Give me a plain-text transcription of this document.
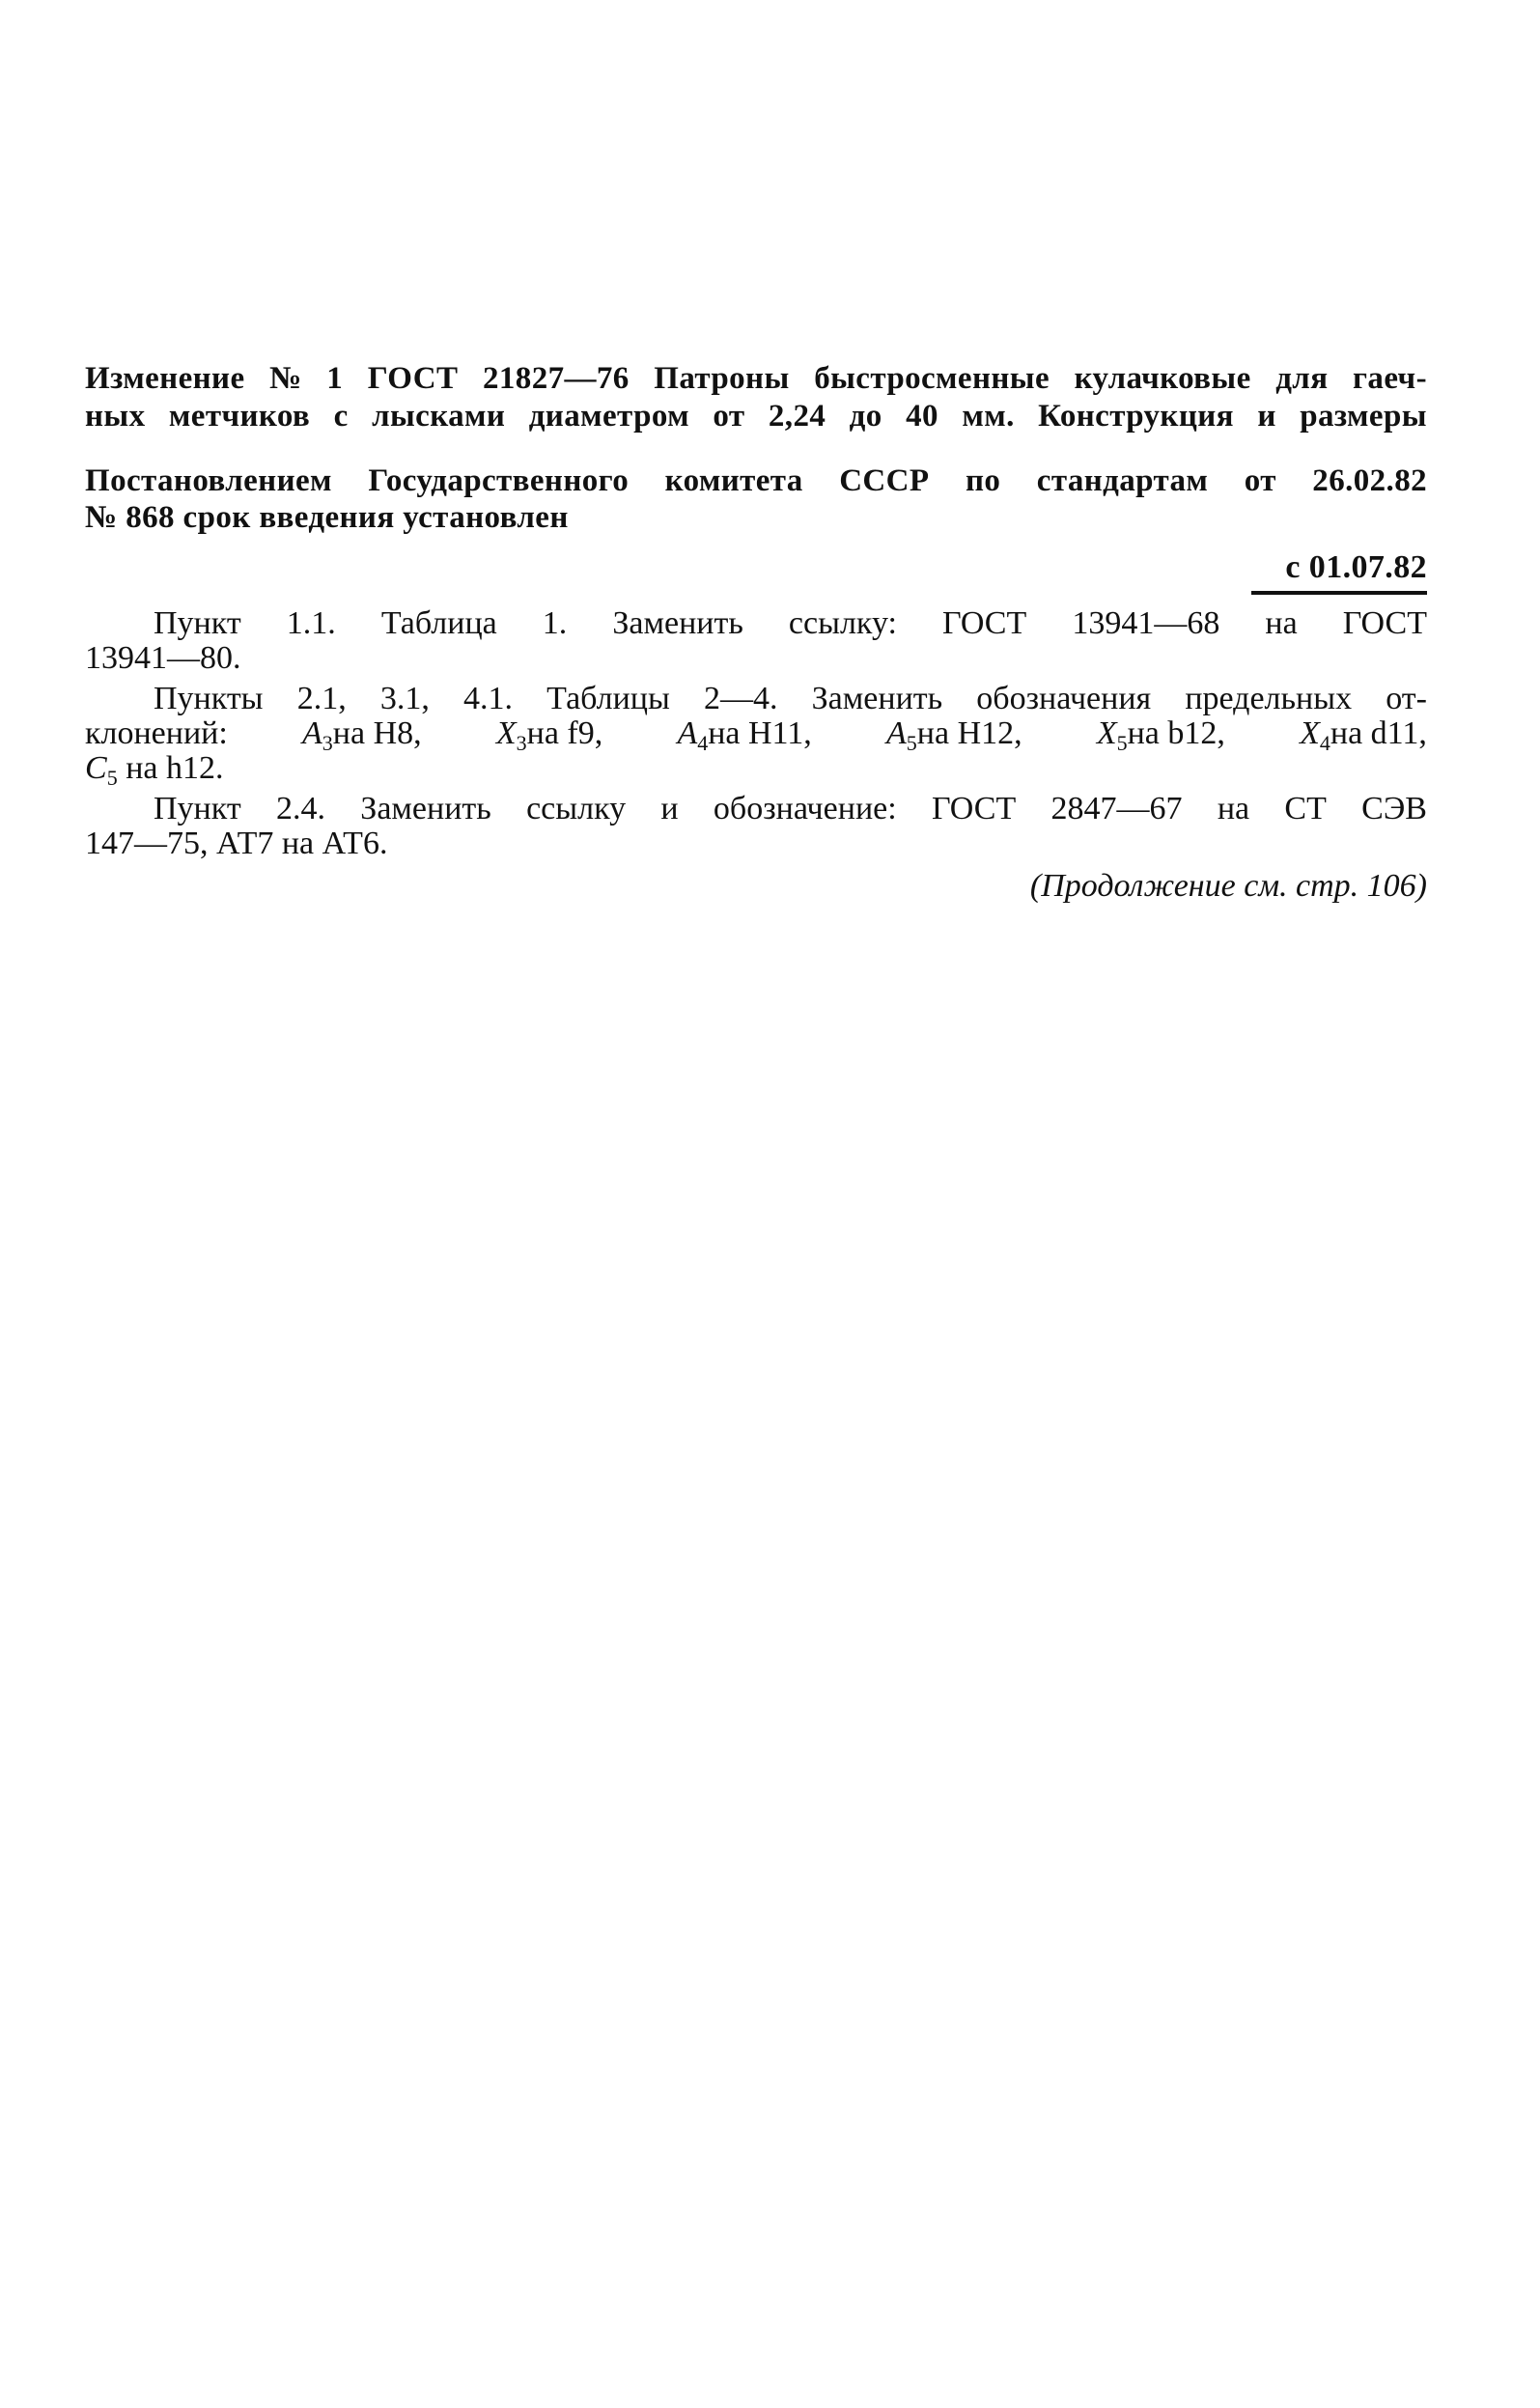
Изменение № 1 ГОСТ 21827—76 Патроны быстросменные кулачковые для гаеч-
ных метчиков с лысками диаметром от 2,24 до 40 мм. Конструкция и размеры
Постановлением Государственного комитета СССР по стандартам от 26.02.82
№ 868 срок введения установлен
с 01.07.82
Пункт 1.1. Таблица 1. Заменить ссылку: ГОСТ 13941—68 на ГОСТ
13941—80.
Пункты 2.1, 3.1, 4.1. Таблицы 2—4. Заменить обозначения предельных от-
клонений: A3на H8, X3на f9, A4на H11, A5на H12, X5на b12, X4на d11,
$C_5$ на h12.
Пункт 2.4. Заменить ссылку и обозначение: ГОСТ 2847—67 на СТ СЭВ
147—75, АТ7 на АТ6.
(Продолжение см. стр. 106)
